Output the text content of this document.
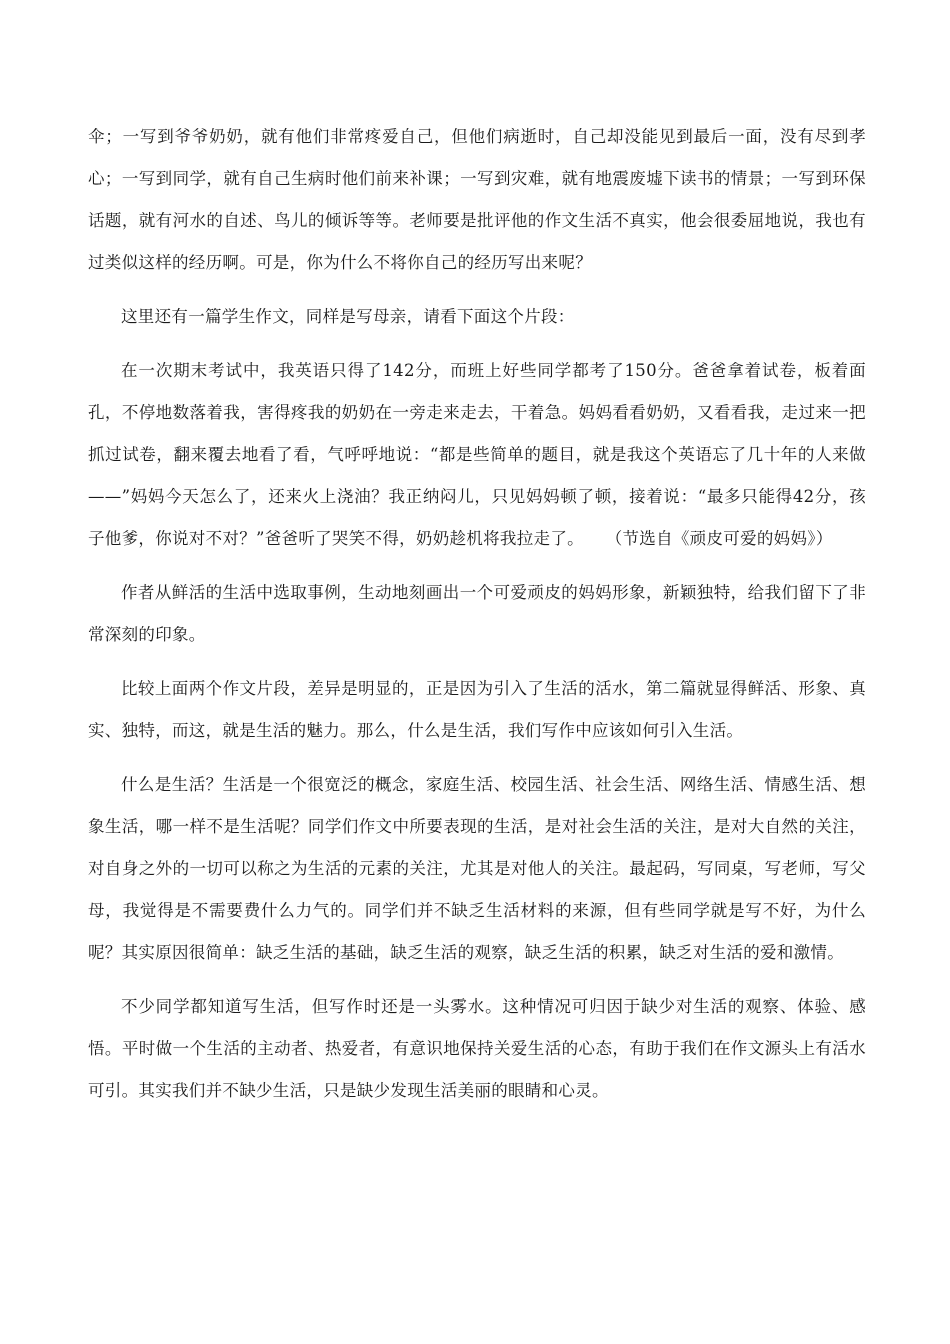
伞；一写到爷爷奶奶，就有他们非常疼爱自己，但他们病逝时，自己却没能见到最后一面，没有尽到孝心；一写到同学，就有自己生病时他们前来补课；一写到灾难，就有地震废墟下读书的情景；一写到环保话题，就有河水的自述、鸟儿的倾诉等等。老师要是批评他的作文生活不真实，他会很委屈地说，我也有过类似这样的经历啊。可是，你为什么不将你自己的经历写出来呢？

这里还有一篇学生作文，同样是写母亲，请看下面这个片段：

在一次期末考试中，我英语只得了142分，而班上好些同学都考了150分。爸爸拿着试卷，板着面孔，不停地数落着我，害得疼我的奶奶在一旁走来走去，干着急。妈妈看看奶奶，又看看我，走过来一把抓过试卷，翻来覆去地看了看，气呼呼地说：“都是些简单的题目，就是我这个英语忘了几十年的人来做——”妈妈今天怎么了，还来火上浇油？我正纳闷儿，只见妈妈顿了顿，接着说：“最多只能得42分，孩子他爹，你说对不对？”爸爸听了哭笑不得，奶奶趁机将我拉走了。 （节选自《顽皮可爱的妈妈》）

作者从鲜活的生活中选取事例，生动地刻画出一个可爱顽皮的妈妈形象，新颖独特，给我们留下了非常深刻的印象。

比较上面两个作文片段，差异是明显的，正是因为引入了生活的活水，第二篇就显得鲜活、形象、真实、独特，而这，就是生活的魅力。那么，什么是生活，我们写作中应该如何引入生活。

什么是生活？生活是一个很宽泛的概念，家庭生活、校园生活、社会生活、网络生活、情感生活、想象生活，哪一样不是生活呢？同学们作文中所要表现的生活，是对社会生活的关注，是对大自然的关注，对自身之外的一切可以称之为生活的元素的关注，尤其是对他人的关注。最起码，写同桌，写老师，写父母，我觉得是不需要费什么力气的。同学们并不缺乏生活材料的来源，但有些同学就是写不好，为什么呢？其实原因很简单：缺乏生活的基础，缺乏生活的观察，缺乏生活的积累，缺乏对生活的爱和激情。

不少同学都知道写生活，但写作时还是一头雾水。这种情况可归因于缺少对生活的观察、体验、感悟。平时做一个生活的主动者、热爱者，有意识地保持关爱生活的心态，有助于我们在作文源头上有活水可引。其实我们并不缺少生活，只是缺少发现生活美丽的眼睛和心灵。
